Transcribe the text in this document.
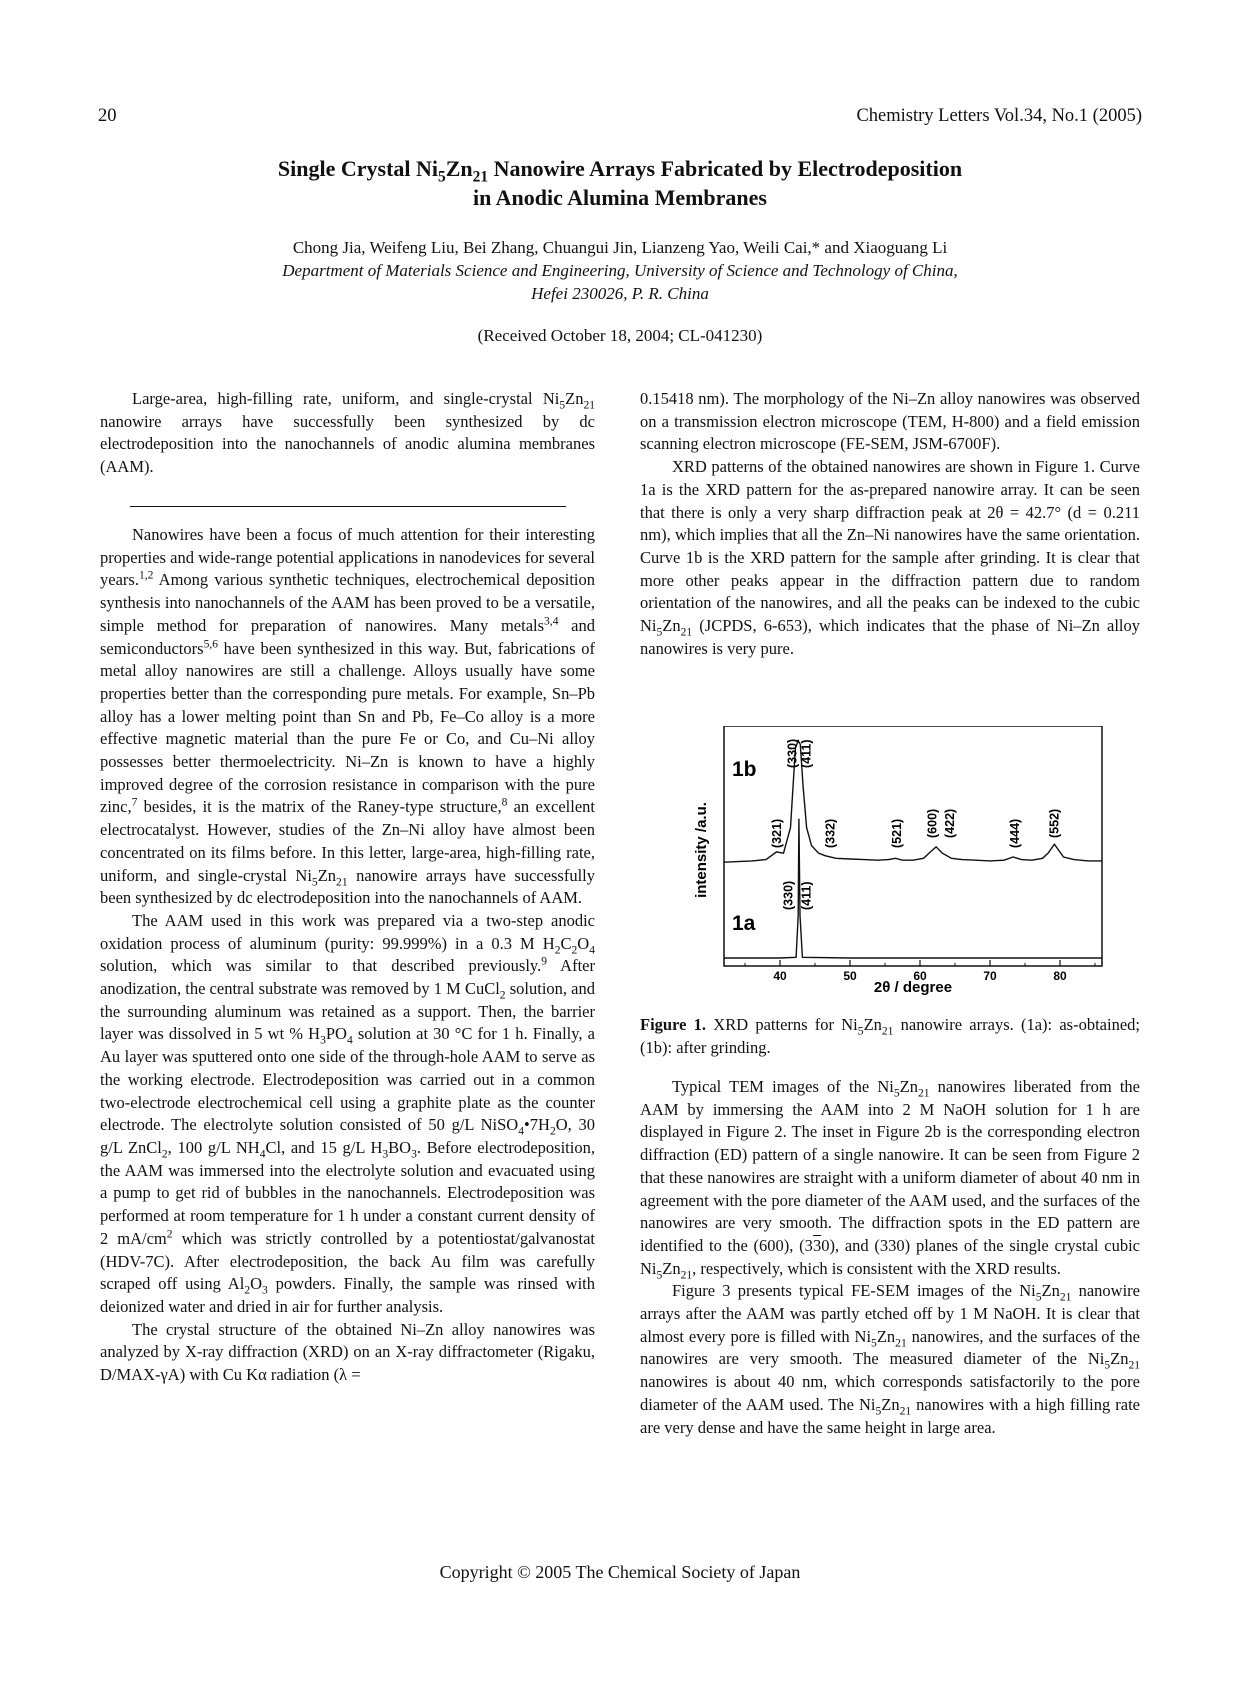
20	Chemistry Letters Vol.34, No.1 (2005)
Single Crystal $Ni_5Zn_{21}$ Nanowire Arrays Fabricated by Electrodeposition
in Anodic Alumina Membranes
Chong Jia, Weifeng Liu, Bei Zhang, Chuangui Jin, Lianzeng Yao, Weili Cai,* and Xiaoguang Li
Department of Materials Science and Engineering, University of Science and Technology of China,
Hefei 230026, P. R. China
(Received October 18, 2004; CL-041230)

Large-area, high-filling rate, uniform, and single-crystal $Ni_5Zn_{21}$ nanowire arrays have successfully been synthesized by dc electrodeposition into the nanochannels of anodic alumina membranes (AAM).

Nanowires have been a focus of much attention for their interesting properties and wide-range potential applications in nanodevices for several years.$^{1,2}$ Among various synthetic techniques, electrochemical deposition synthesis into nanochannels of the AAM has been proved to be a versatile, simple method for preparation of nanowires. Many metals$^{3,4}$ and semiconductors$^{5,6}$ have been synthesized in this way. But, fabrications of metal alloy nanowires are still a challenge. Alloys usually have some properties better than the corresponding pure metals. For example, Sn–Pb alloy has a lower melting point than Sn and Pb, Fe–Co alloy is a more effective magnetic material than the pure Fe or Co, and Cu–Ni alloy possesses better thermoelectricity. Ni–Zn is known to have a highly improved degree of the corrosion resistance in comparison with the pure zinc,$^7$ besides, it is the matrix of the Raney-type structure,$^8$ an excellent electrocatalyst. However, studies of the Zn–Ni alloy have almost been concentrated on its films before. In this letter, large-area, high-filling rate, uniform, and single-crystal $Ni_5Zn_{21}$ nanowire arrays have successfully been synthesized by dc electrodeposition into the nanochannels of AAM.

The AAM used in this work was prepared via a two-step anodic oxidation process of aluminum (purity: 99.999%) in a 0.3 M $H_2C_2O_4$ solution, which was similar to that described previously.$^9$ After anodization, the central substrate was removed by 1 M CuCl$_2$ solution, and the surrounding aluminum was retained as a support. Then, the barrier layer was dissolved in 5 wt % $H_3PO_4$ solution at 30 °C for 1 h. Finally, a Au layer was sputtered onto one side of the through-hole AAM to serve as the working electrode. Electrodeposition was carried out in a common two-electrode electrochemical cell using a graphite plate as the counter electrode. The electrolyte solution consisted of 50 g/L $NiSO_4•7H_2O$, 30 g/L ZnCl$_2$, 100 g/L $NH_4Cl$, and 15 g/L $H_3BO_3$. Before electrodeposition, the AAM was immersed into the electrolyte solution and evacuated using a pump to get rid of bubbles in the nanochannels. Electrodeposition was performed at room temperature for 1 h under a constant current density of 2 $mA/cm^2$ which was strictly controlled by a potentiostat/galvanostat (HDV-7C). After electrodeposition, the back Au film was carefully scraped off using $Al_2O_3$ powders. Finally, the sample was rinsed with deionized water and dried in air for further analysis.

The crystal structure of the obtained Ni–Zn alloy nanowires was analyzed by X-ray diffraction (XRD) on an X-ray diffractometer (Rigaku, D/MAX-γA) with Cu Kα radiation (λ =

0.15418 nm). The morphology of the Ni–Zn alloy nanowires was observed on a transmission electron microscope (TEM, H-800) and a field emission scanning electron microscope (FE-SEM, JSM-6700F).

XRD patterns of the obtained nanowires are shown in Figure 1. Curve 1a is the XRD pattern for the as-prepared nanowire array. It can be seen that there is only a very sharp diffraction peak at 2θ = 42.7° (d = 0.211 nm), which implies that all the Zn–Ni nanowires have the same orientation. Curve 1b is the XRD pattern for the sample after grinding. It is clear that more other peaks appear in the diffraction pattern due to random orientation of the nanowires, and all the peaks can be indexed to the cubic $Ni_5Zn_{21}$ (JCPDS, 6-653), which indicates that the phase of Ni–Zn alloy nanowires is very pure.

40	50	60	70	80
(321)
(330) (411)
(332)	(521) (600) (422)	(444) (552)
(330) (411)
1b
1a
intensity /a.u.
2θ / degree
Figure 1. XRD patterns for $Ni_5Zn_{21}$ nanowire arrays. (1a): as-obtained; (1b): after grinding.

Typical TEM images of the $Ni_5Zn_{21}$ nanowires liberated from the AAM by immersing the AAM into 2 M NaOH solution for 1 h are displayed in Figure 2. The inset in Figure 2b is the corresponding electron diffraction (ED) pattern of a single nanowire. It can be seen from Figure 2 that these nanowires are straight with a uniform diameter of about 40 nm in agreement with the pore diameter of the AAM used, and the surfaces of the nanowires are very smooth. The diffraction spots in the ED pattern are identified to the (600), (330), and (330) planes of the single crystal cubic $Ni_5Zn_{21}$, respectively, which is consistent with the XRD results.

Figure 3 presents typical FE-SEM images of the $Ni_5Zn_{21}$ nanowire arrays after the AAM was partly etched off by 1 M NaOH. It is clear that almost every pore is filled with $Ni_5Zn_{21}$ nanowires, and the surfaces of the nanowires are very smooth. The measured diameter of the $Ni_5Zn_{21}$ nanowires is about 40 nm, which corresponds satisfactorily to the pore diameter of the AAM used. The $Ni_5Zn_{21}$ nanowires with a high filling rate are very dense and have the same height in large area.

Copyright © 2005 The Chemical Society of Japan
